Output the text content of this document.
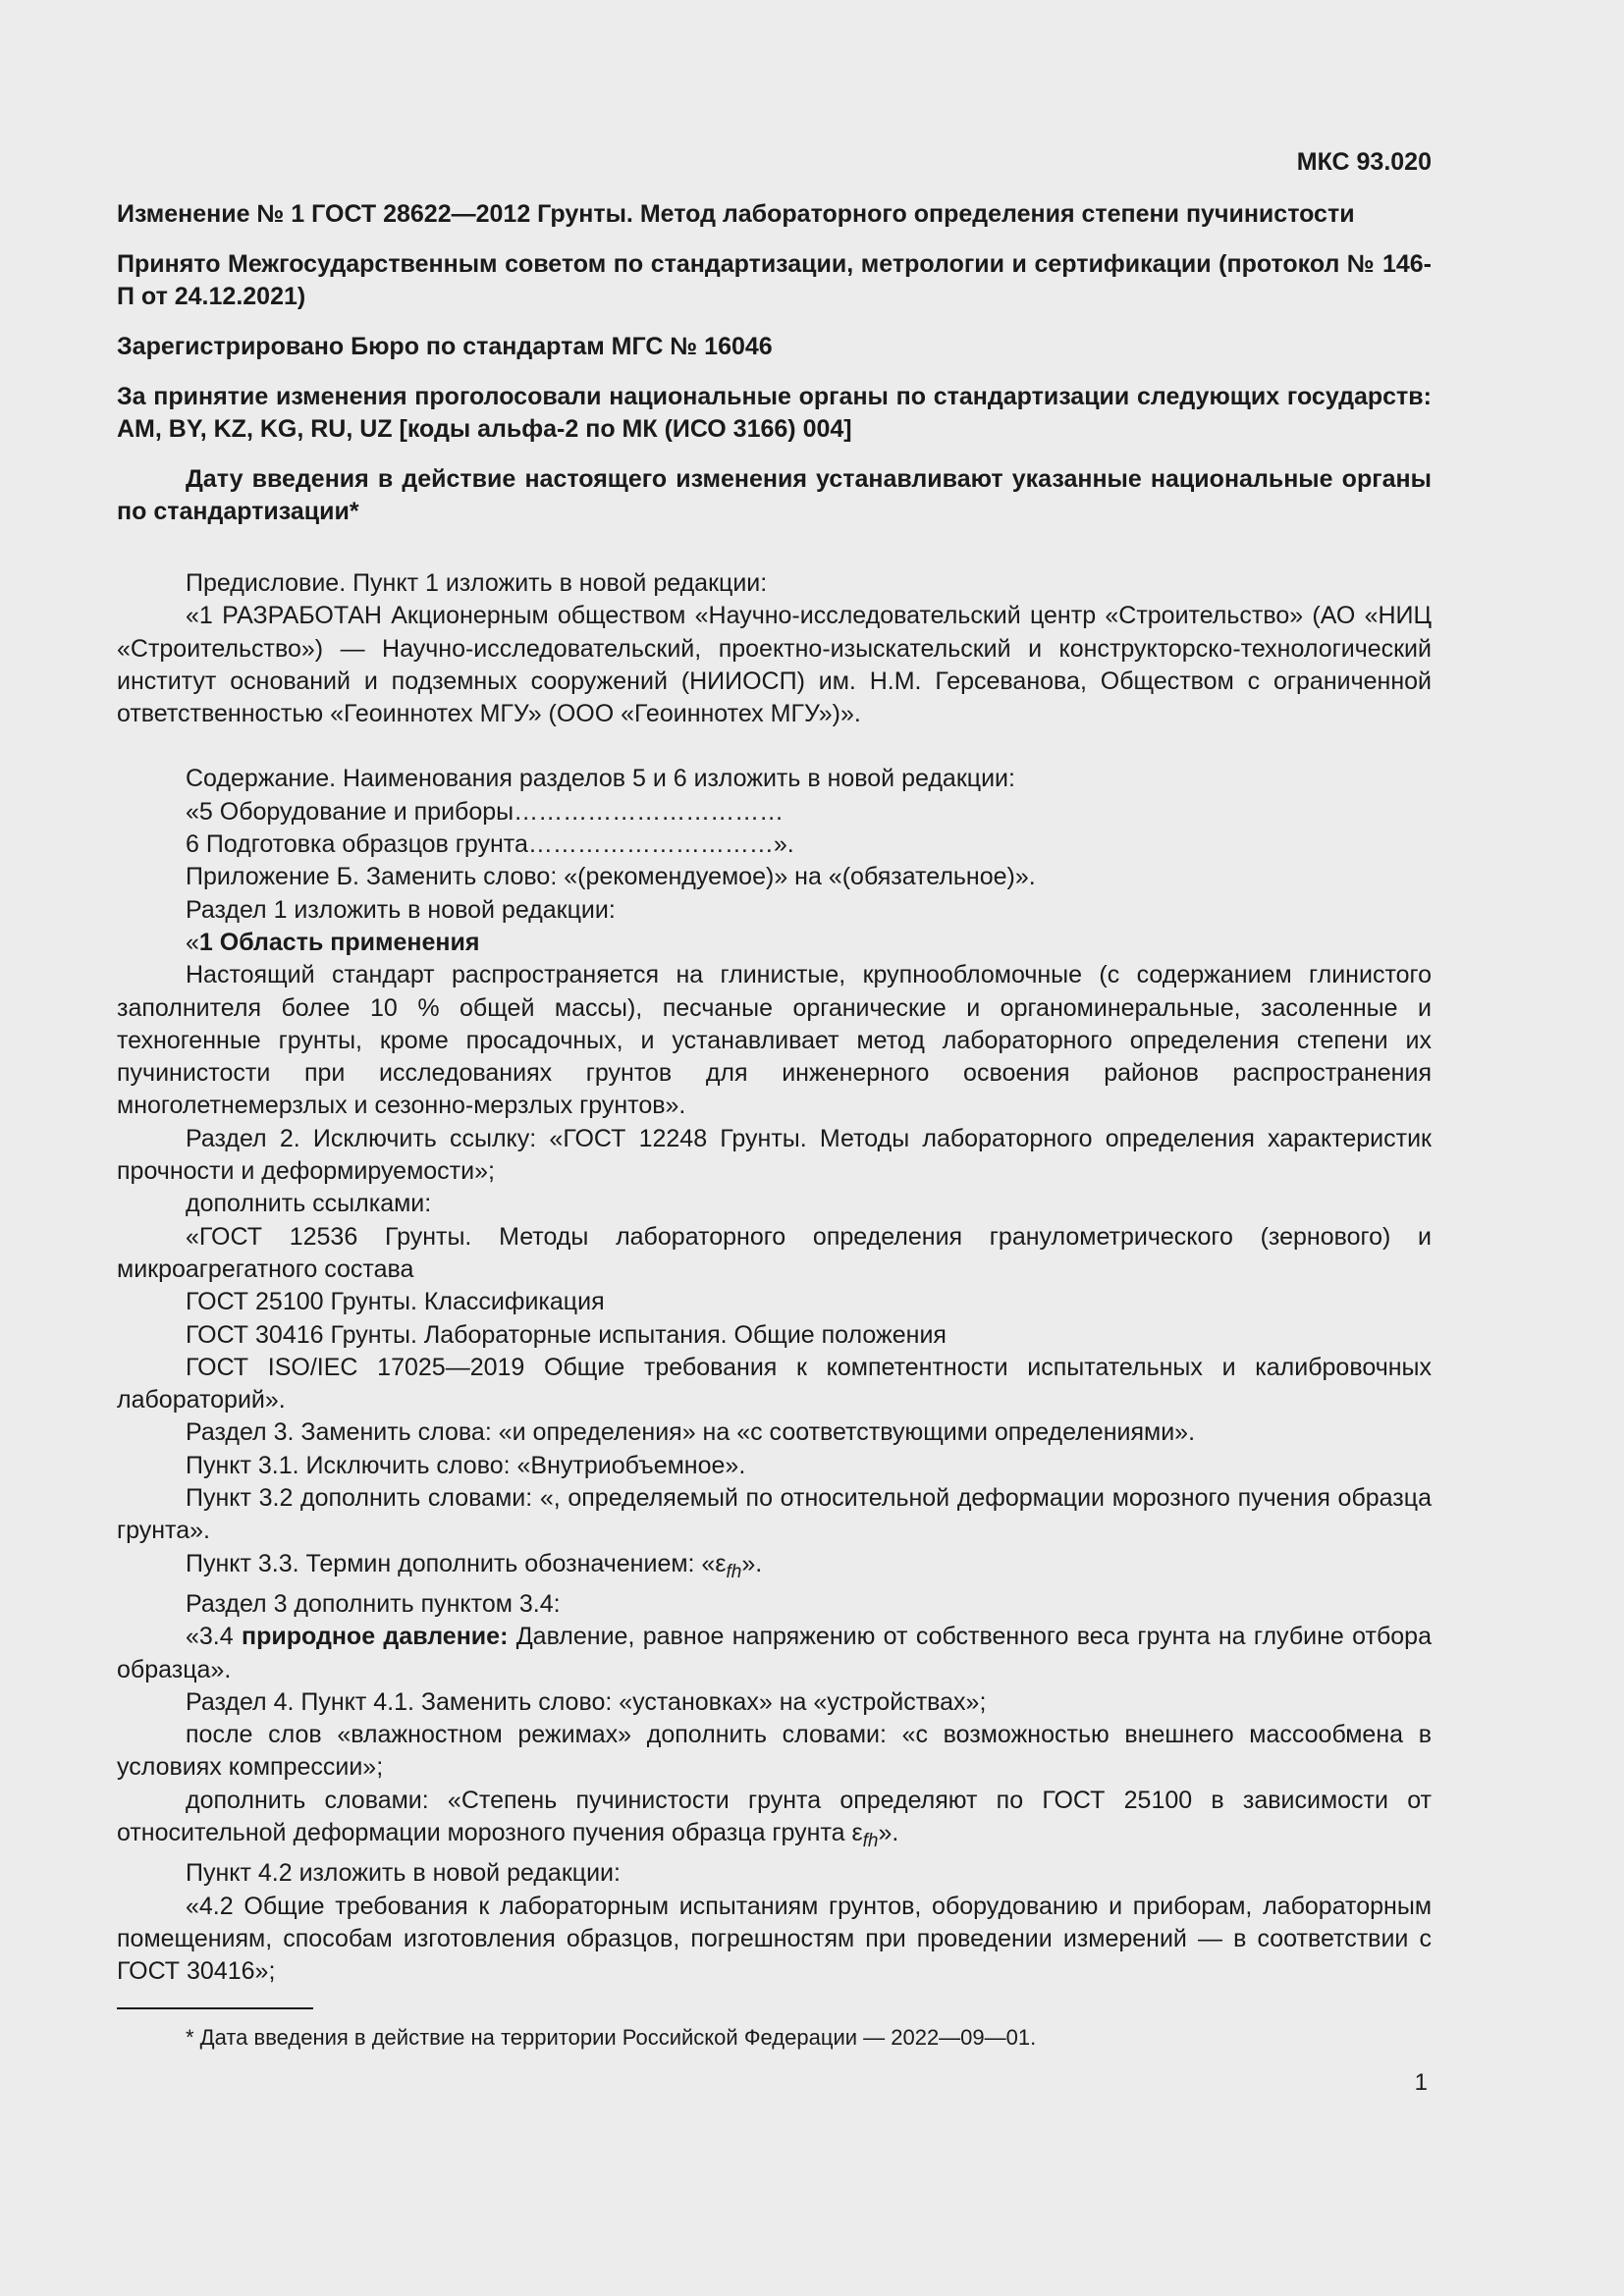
МКС 93.020
Изменение № 1 ГОСТ 28622—2012 Грунты. Метод лабораторного определения степени пучинистости
Принято Межгосударственным советом по стандартизации, метрологии и сертификации (протокол № 146-П от 24.12.2021)
Зарегистрировано Бюро по стандартам МГС № 16046
За принятие изменения проголосовали национальные органы по стандартизации следующих государств: AM, BY, KZ, KG, RU, UZ [коды альфа-2 по МК (ИСО 3166) 004]
Дату введения в действие настоящего изменения устанавливают указанные национальные органы по стандартизации*

Предисловие. Пункт 1 изложить в новой редакции:

«1 РАЗРАБОТАН Акционерным обществом «Научно-исследовательский центр «Строительство» (АО «НИЦ «Строительство») — Научно-исследовательский, проектно-изыскательский и конструкторско-технологический институт оснований и подземных сооружений (НИИОСП) им. Н.М. Герсеванова, Обществом с ограниченной ответственностью «Геоиннотех МГУ» (ООО «Геоиннотех МГУ»)».

Содержание. Наименования разделов 5 и 6 изложить в новой редакции:

«5 Оборудование и приборы……………………………

6 Подготовка образцов грунта…………………………».

Приложение Б. Заменить слово: «(рекомендуемое)» на «(обязательное)».

Раздел 1 изложить в новой редакции:

«1 Область применения

Настоящий стандарт распространяется на глинистые, крупнообломочные (с содержанием глинистого заполнителя более 10 % общей массы), песчаные органические и органоминеральные, засоленные и техногенные грунты, кроме просадочных, и устанавливает метод лабораторного определения степени их пучинистости при исследованиях грунтов для инженерного освоения районов распространения многолетнемерзлых и сезонно-мерзлых грунтов».

Раздел 2. Исключить ссылку: «ГОСТ 12248 Грунты. Методы лабораторного определения характеристик прочности и деформируемости»;

дополнить ссылками:

«ГОСТ 12536 Грунты. Методы лабораторного определения гранулометрического (зернового) и микроагрегатного состава

ГОСТ 25100 Грунты. Классификация

ГОСТ 30416 Грунты. Лабораторные испытания. Общие положения

ГОСТ ISO/IEC 17025—2019 Общие требования к компетентности испытательных и калибровочных лабораторий».

Раздел 3. Заменить слова: «и определения» на «с соответствующими определениями».

Пункт 3.1. Исключить слово: «Внутриобъемное».

Пункт 3.2 дополнить словами: «, определяемый по относительной деформации морозного пучения образца грунта».

Пункт 3.3. Термин дополнить обозначением: «$\varepsilon_{fh}$».

Раздел 3 дополнить пунктом 3.4:

«3.4 природное давление: Давление, равное напряжению от собственного веса грунта на глубине отбора образца».

Раздел 4. Пункт 4.1. Заменить слово: «установках» на «устройствах»;

после слов «влажностном режимах» дополнить словами: «с возможностью внешнего массообмена в условиях компрессии»;

дополнить словами: «Степень пучинистости грунта определяют по ГОСТ 25100 в зависимости от относительной деформации морозного пучения образца грунта $\varepsilon_{fh}$».

Пункт 4.2 изложить в новой редакции:

«4.2 Общие требования к лабораторным испытаниям грунтов, оборудованию и приборам, лабораторным помещениям, способам изготовления образцов, погрешностям при проведении измерений — в соответствии с ГОСТ 30416»;

* Дата введения в действие на территории Российской Федерации — 2022—09—01.
1
